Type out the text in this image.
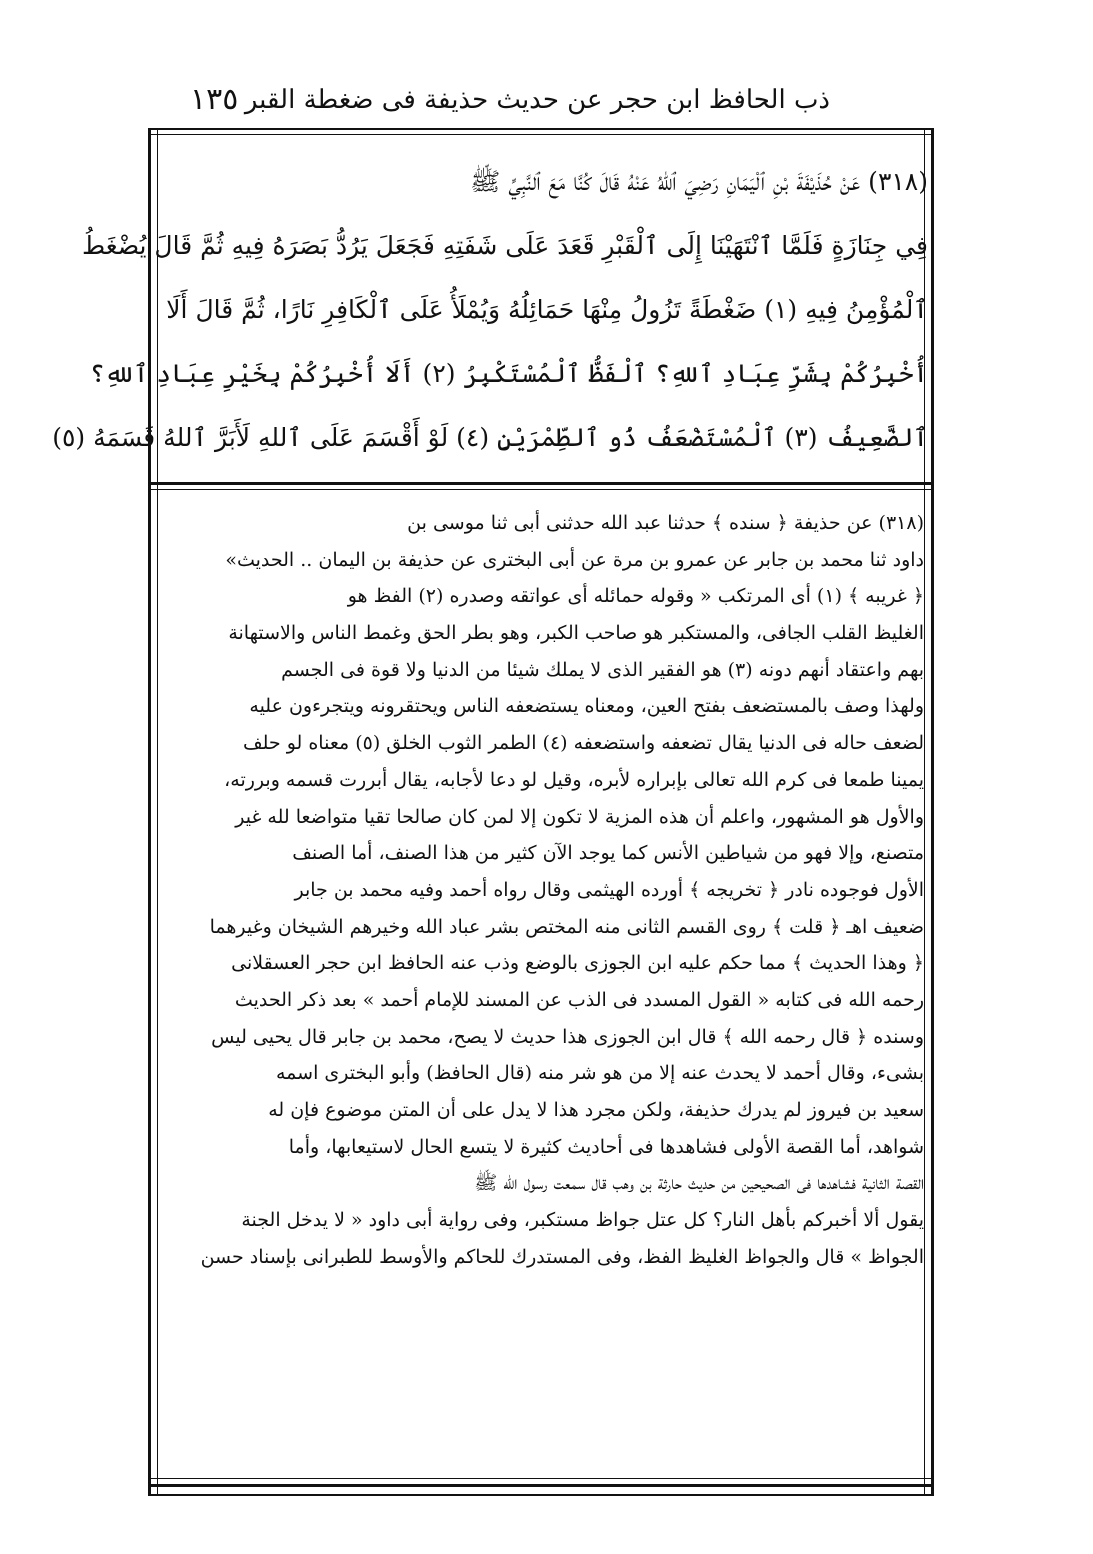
ذب الحافظ ابن حجر عن حديث حذيفة فى ضغطة القبر
١٣٥
(٣١٨) عَنْ حُذَيْفَةَ بْنِ ٱلْيَمَانِ رَضِيَ ٱللهُ عَنْهُ قَالَ كُنَّا مَعَ ٱلنَّبِيِّ ﷺ
فِي جِنَازَةٍ فَلَمَّا ٱنْتَهَيْنَا إِلَى ٱلْقَبْرِ قَعَدَ عَلَى شَفَتِهِ فَجَعَلَ يَرُدُّ بَصَرَهُ فِيهِ ثُمَّ قَالَ يُضْغَطُ
ٱلْمُؤْمِنُ فِيهِ (١) ضَغْطَةً تَزُولُ مِنْهَا حَمَائِلُهُ وَيُمْلَأُ عَلَى ٱلْكَافِرِ نَارًا، ثُمَّ قَالَ أَلَا
أُخْبِرُكُمْ بِشَرِّ عِبَادِ ٱللهِ؟ ٱلْفَظُّ ٱلْمُسْتَكْبِرُ (٢) أَلَا أُخْبِرُكُمْ بِخَيْرِ عِبَادِ ٱللهِ؟
ٱلضَّعِيفُ (٣) ٱلْمُسْتَضْعَفُ ذُو ٱلطِّمْرَيْنِ (٤) لَوْ أَقْسَمَ عَلَى ٱللهِ لَأَبَرَّ ٱللهُ قَسَمَهُ (٥)
(٣١٨) عن حذيفة ﴿ سنده ﴾ حدثنا عبد الله حدثنى أبى ثنا موسى بن
داود ثنا محمد بن جابر عن عمرو بن مرة عن أبى البخترى عن حذيفة بن اليمان .. الحديث»
﴿ غريبه ﴾ (١) أى المرتكب « وقوله حمائله أى عواتقه وصدره (٢) الفظ هو
الغليظ القلب الجافى، والمستكبر هو صاحب الكبر، وهو بطر الحق وغمط الناس والاستهانة
بهم واعتقاد أنهم دونه (٣) هو الفقير الذى لا يملك شيئا من الدنيا ولا قوة فى الجسم
ولهذا وصف بالمستضعف بفتح العين، ومعناه يستضعفه الناس ويحتقرونه ويتجرءون عليه
لضعف حاله فى الدنيا يقال تضعفه واستضعفه (٤) الطمر الثوب الخلق (٥) معناه لو حلف
يمينا طمعا فى كرم الله تعالى بإبراره لأبره، وقيل لو دعا لأجابه، يقال أبررت قسمه وبررته،
والأول هو المشهور، واعلم أن هذه المزية لا تكون إلا لمن كان صالحا تقيا متواضعا لله غير
متصنع، وإلا فهو من شياطين الأنس كما يوجد الآن كثير من هذا الصنف، أما الصنف
الأول فوجوده نادر ﴿ تخريجه ﴾ أورده الهيثمى وقال رواه أحمد وفيه محمد بن جابر
ضعيف اهـ ﴿ قلت ﴾ روى القسم الثانى منه المختص بشر عباد الله وخيرهم الشيخان وغيرهما
﴿ وهذا الحديث ﴾ مما حكم عليه ابن الجوزى بالوضع وذب عنه الحافظ ابن حجر العسقلانى
رحمه الله فى كتابه « القول المسدد فى الذب عن المسند للإمام أحمد » بعد ذكر الحديث
وسنده ﴿ قال رحمه الله ﴾ قال ابن الجوزى هذا حديث لا يصح، محمد بن جابر قال يحيى ليس
بشىء، وقال أحمد لا يحدث عنه إلا من هو شر منه (قال الحافظ) وأبو البخترى اسمه
سعيد بن فيروز لم يدرك حذيفة، ولكن مجرد هذا لا يدل على أن المتن موضوع فإن له
شواهد، أما القصة الأولى فشاهدها فى أحاديث كثيرة لا يتسع الحال لاستيعابها، وأما
القصة الثانية فشاهدها فى الصحيحين من حديث حارثة بن وهب قال سمعت رسول الله ﷺ
يقول ألا أخبركم بأهل النار؟ كل عتل جواظ مستكبر، وفى رواية أبى داود « لا يدخل الجنة
الجواظ » قال والجواظ الغليظ الفظ، وفى المستدرك للحاكم والأوسط للطبرانى بإسناد حسن
